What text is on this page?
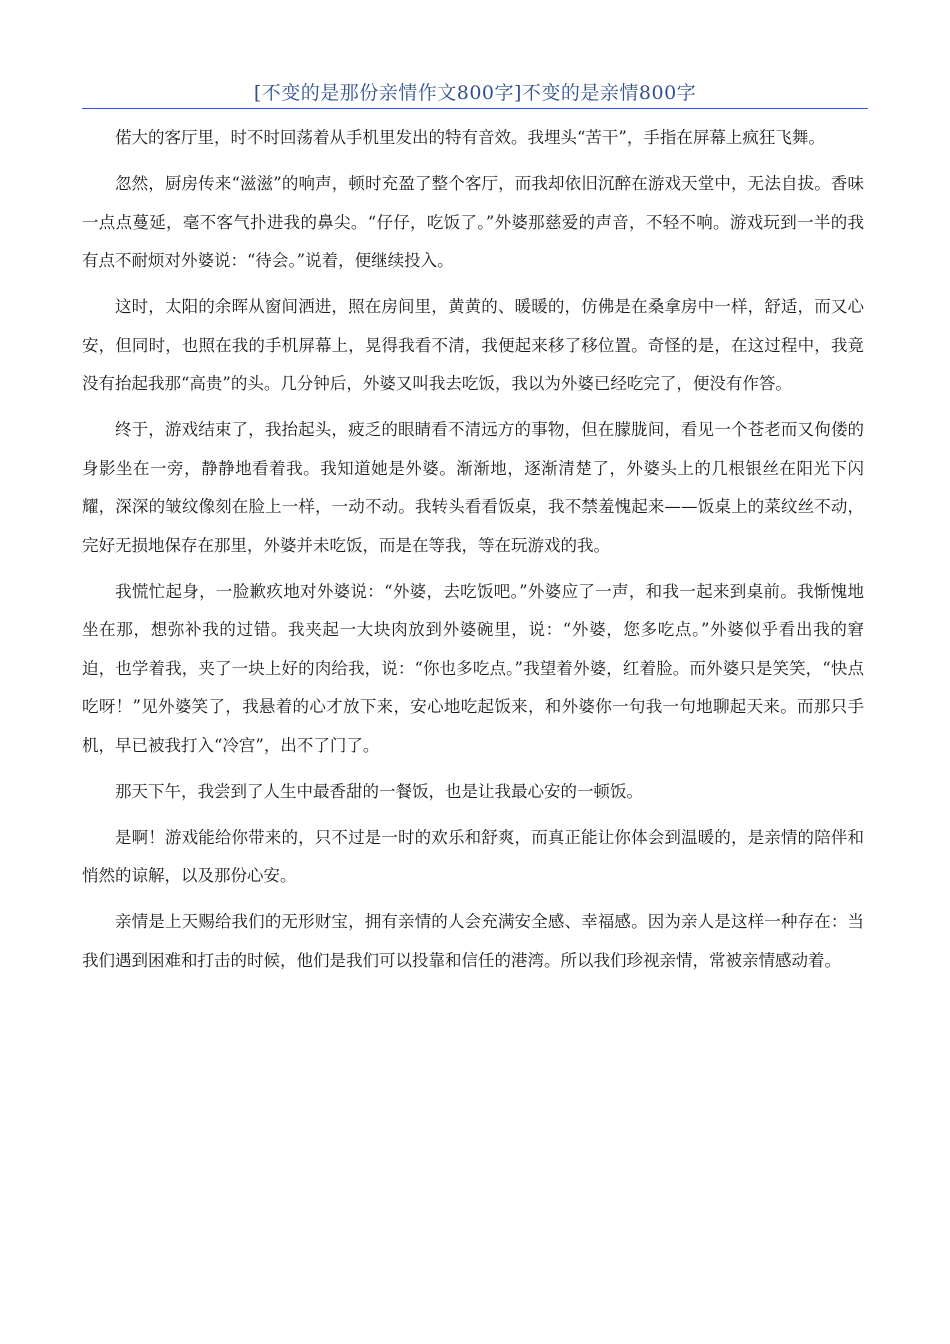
[不变的是那份亲情作文800字]不变的是亲情800字

偌大的客厅里，时不时回荡着从手机里发出的特有音效。我埋头“苦干”，手指在屏幕上疯狂飞舞。

忽然，厨房传来“滋滋”的响声，顿时充盈了整个客厅，而我却依旧沉醉在游戏天堂中，无法自拔。香味一点点蔓延，毫不客气扑进我的鼻尖。“仔仔，吃饭了。”外婆那慈爱的声音，不轻不响。游戏玩到一半的我有点不耐烦对外婆说：“待会。”说着，便继续投入。

这时，太阳的余晖从窗间洒进，照在房间里，黄黄的、暖暖的，仿佛是在桑拿房中一样，舒适，而又心安，但同时，也照在我的手机屏幕上，晃得我看不清，我便起来移了移位置。奇怪的是，在这过程中，我竟没有抬起我那“高贵”的头。几分钟后，外婆又叫我去吃饭，我以为外婆已经吃完了，便没有作答。

终于，游戏结束了，我抬起头，疲乏的眼睛看不清远方的事物，但在朦胧间，看见一个苍老而又佝偻的身影坐在一旁，静静地看着我。我知道她是外婆。渐渐地，逐渐清楚了，外婆头上的几根银丝在阳光下闪耀，深深的皱纹像刻在脸上一样，一动不动。我转头看看饭桌，我不禁羞愧起来——饭桌上的菜纹丝不动，完好无损地保存在那里，外婆并未吃饭，而是在等我，等在玩游戏的我。

我慌忙起身，一脸歉疚地对外婆说：“外婆，去吃饭吧。”外婆应了一声，和我一起来到桌前。我惭愧地坐在那，想弥补我的过错。我夹起一大块肉放到外婆碗里，说：“外婆，您多吃点。”外婆似乎看出我的窘迫，也学着我，夹了一块上好的肉给我，说：“你也多吃点。”我望着外婆，红着脸。而外婆只是笑笑，“快点吃呀！”见外婆笑了，我悬着的心才放下来，安心地吃起饭来，和外婆你一句我一句地聊起天来。而那只手机，早已被我打入“冷宫”，出不了门了。

那天下午，我尝到了人生中最香甜的一餐饭，也是让我最心安的一顿饭。

是啊！游戏能给你带来的，只不过是一时的欢乐和舒爽，而真正能让你体会到温暖的，是亲情的陪伴和悄然的谅解，以及那份心安。

亲情是上天赐给我们的无形财宝，拥有亲情的人会充满安全感、幸福感。因为亲人是这样一种存在：当我们遇到困难和打击的时候，他们是我们可以投靠和信任的港湾。所以我们珍视亲情，常被亲情感动着。
